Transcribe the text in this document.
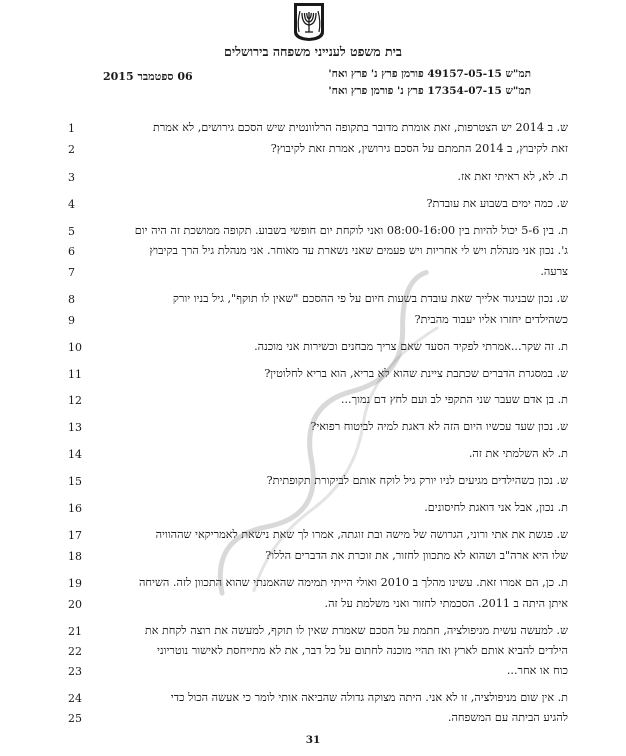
בית משפט לענייני משפחה בירושלים
תמ"ש 49157-05-15 פורמן פרץ נ' פרץ ואח'
תמ"ש 17354-07-15 פרץ נ' פורמן פרץ ואח'
06 ספטמבר 2015
1	ש. ב 2014 יש הצטרפות, זאת אומרת מדובר בתקופה הרלוונטית שיש הסכם גירושים, לא אמרת
2	זאת לקיבוץ, ב 2014 התמתם על הסכם גירושין, אמרת זאת לקיבוץ?
3	ת. לא, לא ראיתי זאת אז.
4	ש. כמה ימים בשבוע את עובדת?
5	ת. בין 5-6 יכול להיות בין 08:00-16:00 ואני לוקחת יום חופשי בשבוע. תקופה ממושכת זה היה יום
6	ג'. נכון אני מנהלת ויש לי אחריות ויש פעמים שאני נשארת עד מאוחר. אני מנהלת גיל הרך בקיבוץ
7	צרעה.
8	ש. נכון שבניגוד אלייך שאת עובדת בשעות חיום על פי ההסכם "שאין לו תוקף", גיל בניו יורק
9	כשהילדים יחזרו אליו יעבוד מהבית?
10	ת. זה שקר...אמרתי לפקיד הסעד שאם צריך מבחנים וכשירות אני מוכנה.
11	ש. במסגרת הדברים שכתבת ציינת שהוא לא בריא, הוא בריא לחלוטין?
12	ת. בן אדם שעבר שני התקפי לב ועם לחץ דם נמוך...
13	ש. נכון שעד עכשיו היום הזה לא דאגת למיה לביטוח רפואי?
14	ת. לא השלמתי את זה.
15	ש. נכון כשהילדים מגיעים לניו יורק גיל לוקח אותם לביקורת תקופתית?
16	ת. נכון, אבל אני דואגת לחיסונים.
17	ש. פגשת את אתי ורוני, הגרושה של מישה ובת זוגתה, אמרו לך שאת נישאת לאמריקאי שההוויה
18	שלו היא ארה"ב ושהוא לא מתכוון לחזור, את זוכרת את הדברים הללו?
19	ת. כן, הם אמרו זאת. עשינו מהלך ב 2010 ואולי הייתי תמימה שהאמנתי שהוא התכוון לזה. השיחה
20	איתן היתה ב 2011. הסכמתי לחזור ואני משלמת על זה.
21	ש. למעשה עשית מניפולציה, חתמת על הסכם שאמרת שאין לו תוקף, למעשה את רוצה לקחת את
22	הילדים להביא אותם לארץ ואז תהיי מוכנה לחתום על כל דבר, את לא מתייחסת לאישור נוטריוני
23	כוח או אחר...
24	ת. אין שום מניפולציה, זו לא אני. היתה מצוקה גדולה שהביאה אותי לומר כי אעשה הכול כדי
25	להגיע הביתה עם המשפחה.
31
